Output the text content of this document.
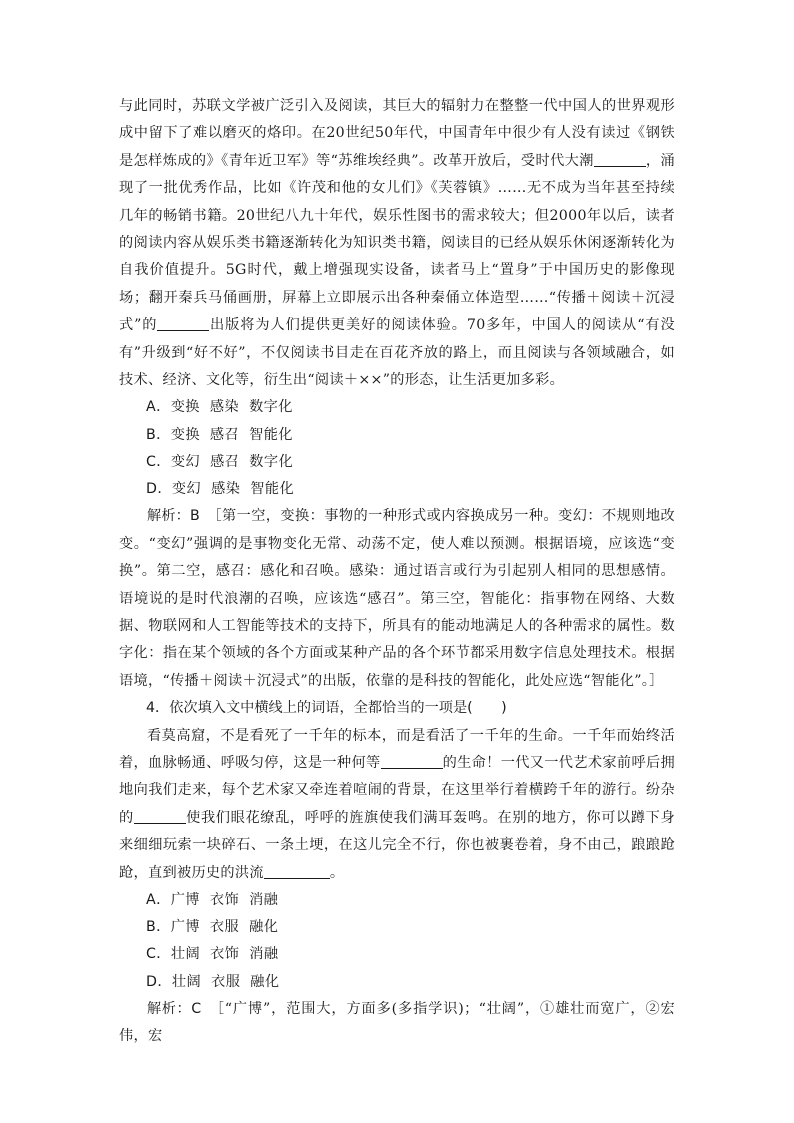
与此同时，苏联文学被广泛引入及阅读，其巨大的辐射力在整整一代中国人的世界观形成中留下了难以磨灭的烙印。在20世纪50年代，中国青年中很少有人没有读过《钢铁是怎样炼成的》《青年近卫军》等“苏维埃经典”。改革开放后，受时代大潮	，涌现了一批优秀作品，比如《许茂和他的女儿们》《芙蓉镇》……无不成为当年甚至持续几年的畅销书籍。20世纪八九十年代，娱乐性图书的需求较大；但2000年以后，读者的阅读内容从娱乐类书籍逐渐转化为知识类书籍，阅读目的已经从娱乐休闲逐渐转化为自我价值提升。5G时代，戴上增强现实设备，读者马上“置身”于中国历史的影像现场；翻开秦兵马俑画册，屏幕上立即展示出各种秦俑立体造型……“传播＋阅读＋沉浸式”的	出版将为人们提供更美好的阅读体验。70多年，中国人的阅读从“有没有”升级到“好不好”，不仅阅读书目走在百花齐放的路上，而且阅读与各领域融合，如技术、经济、文化等，衍生出“阅读＋××”的形态，让生活更加多彩。

A．变换 感染 数字化

B．变换 感召 智能化

C．变幻 感召 数字化

D．变幻 感染 智能化

解析：B　 ［第一空，变换：事物的一种形式或内容换成另一种。变幻：不规则地改变。“变幻”强调的是事物变化无常、动荡不定，使人难以预测。根据语境，应该选“变换”。第二空，感召：感化和召唤。感染：通过语言或行为引起别人相同的思想感情。语境说的是时代浪潮的召唤，应该选“感召”。第三空，智能化：指事物在网络、大数据、物联网和人工智能等技术的支持下，所具有的能动地满足人的各种需求的属性。数字化：指在某个领域的各个方面或某种产品的各个环节都采用数字信息处理技术。根据语境，“传播＋阅读＋沉浸式”的出版，依靠的是科技的智能化，此处应选“智能化”。］

4．依次填入文中横线上的词语，全都恰当的一项是(　　)

看莫高窟，不是看死了一千年的标本，而是看活了一千年的生命。一千年而始终活着，血脉畅通、呼吸匀停，这是一种何等	的生命！一代又一代艺术家前呼后拥地向我们走来，每个艺术家又牵连着喧闹的背景，在这里举行着横跨千年的游行。纷杂的	使我们眼花缭乱，呼呼的旌旗使我们满耳轰鸣。在别的地方，你可以蹲下身来细细玩索一块碎石、一条土埂，在这儿完全不行，你也被裹卷着，身不由己，踉踉跄跄，直到被历史的洪流	。

A．广博 衣饰 消融

B．广博 衣服 融化

C．壮阔 衣饰 消融

D．壮阔 衣服 融化

解析：C　 ［“广博”，范围大，方面多(多指学识)；“壮阔”，①雄壮而宽广，②宏伟，宏
